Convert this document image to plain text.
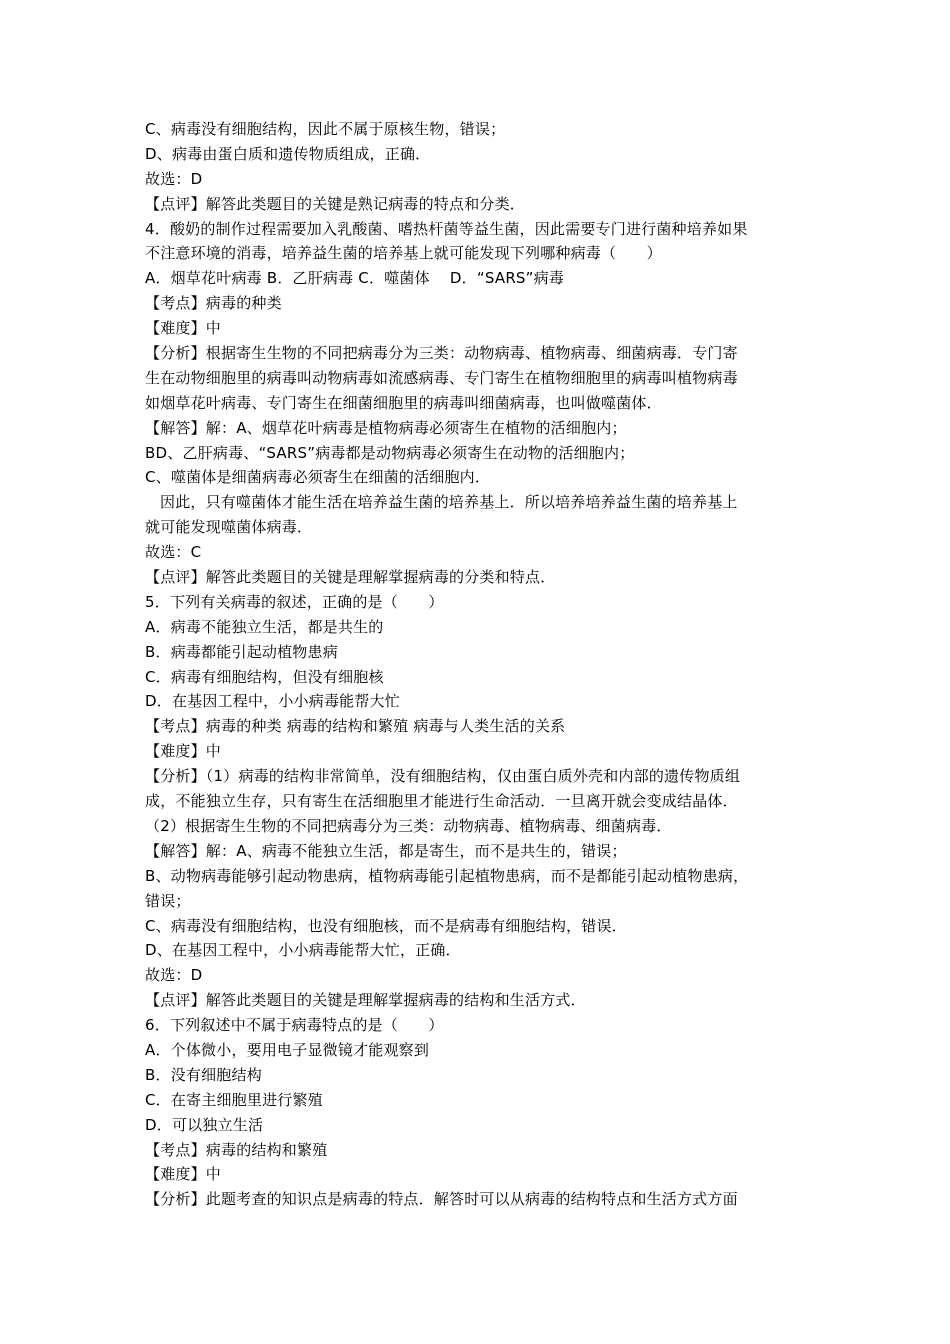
C、病毒没有细胞结构，因此不属于原核生物，错误；
D、病毒由蛋白质和遗传物质组成，正确．
故选：D
【点评】解答此类题目的关键是熟记病毒的特点和分类．
4．酸奶的制作过程需要加入乳酸菌、嗜热杆菌等益生菌，因此需要专门进行菌种培养如果
不注意环境的消毒，培养益生菌的培养基上就可能发现下列哪种病毒（　　）
A．烟草花叶病毒 B．乙肝病毒 C．噬菌体　 D．“SARS”病毒
【考点】病毒的种类
【难度】中
【分析】根据寄生生物的不同把病毒分为三类：动物病毒、植物病毒、细菌病毒．专门寄
生在动物细胞里的病毒叫动物病毒如流感病毒、专门寄生在植物细胞里的病毒叫植物病毒
如烟草花叶病毒、专门寄生在细菌细胞里的病毒叫细菌病毒，也叫做噬菌体．
【解答】解：A、烟草花叶病毒是植物病毒必须寄生在植物的活细胞内；
BD、乙肝病毒、“SARS”病毒都是动物病毒必须寄生在动物的活细胞内；
C、噬菌体是细菌病毒必须寄生在细菌的活细胞内．
因此，只有噬菌体才能生活在培养益生菌的培养基上．所以培养培养益生菌的培养基上
就可能发现噬菌体病毒．
故选：C
【点评】解答此类题目的关键是理解掌握病毒的分类和特点．
5．下列有关病毒的叙述，正确的是（　　）
A．病毒不能独立生活，都是共生的
B．病毒都能引起动植物患病
C．病毒有细胞结构，但没有细胞核
D．在基因工程中，小小病毒能帮大忙
【考点】病毒的种类 病毒的结构和繁殖 病毒与人类生活的关系
【难度】中
【分析】（1）病毒的结构非常简单，没有细胞结构，仅由蛋白质外壳和内部的遗传物质组
成，不能独立生存，只有寄生在活细胞里才能进行生命活动．一旦离开就会变成结晶体．
（2）根据寄生生物的不同把病毒分为三类：动物病毒、植物病毒、细菌病毒．
【解答】解：A、病毒不能独立生活，都是寄生，而不是共生的，错误；
B、动物病毒能够引起动物患病，植物病毒能引起植物患病，而不是都能引起动植物患病，
错误；
C、病毒没有细胞结构，也没有细胞核，而不是病毒有细胞结构，错误．
D、在基因工程中，小小病毒能帮大忙，正确．
故选：D
【点评】解答此类题目的关键是理解掌握病毒的结构和生活方式．
6．下列叙述中不属于病毒特点的是（　　）
A．个体微小，要用电子显微镜才能观察到
B．没有细胞结构
C．在寄主细胞里进行繁殖
D．可以独立生活
【考点】病毒的结构和繁殖
【难度】中
【分析】此题考查的知识点是病毒的特点．解答时可以从病毒的结构特点和生活方式方面
